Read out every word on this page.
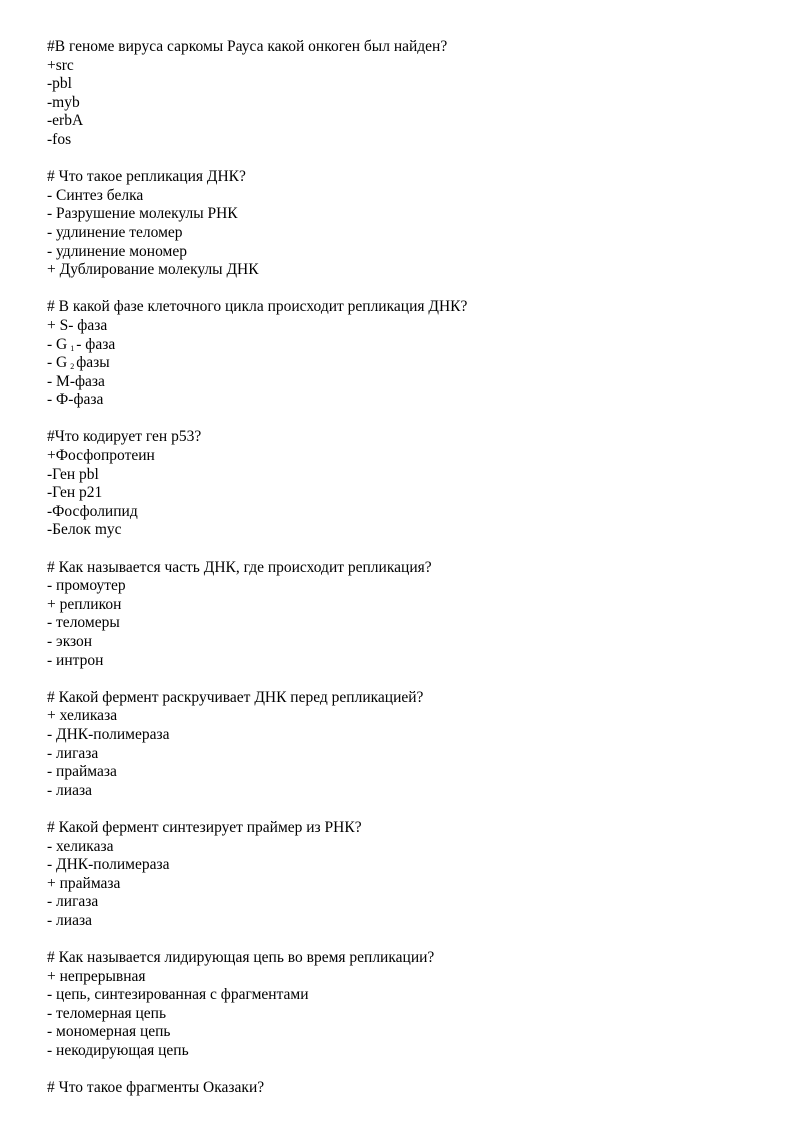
#В геноме вируса саркомы Рауса какой онкоген был найден?

+src

-pbl

-myb

-erbA

-fos

# Что такое репликация ДНК?

- Синтез белка

- Разрушение молекулы РНК

- удлинение теломер

- удлинение мономер

+ Дублирование молекулы ДНК

# В какой фазе клеточного цикла происходит репликация ДНК?

+ S- фаза

- G $_1$ - фаза

- G $_2$ фазы

- M-фаза

- Ф-фаза

#Что кодирует ген р53?

+Фосфопротеин

-Ген pbl

-Ген р21

-Фосфолипид

-Белок myc

# Как называется часть ДНК, где происходит репликация?

- промоутер

+ репликон

- теломеры

- экзон

- интрон

# Какой фермент раскручивает ДНК перед репликацией?

+ хеликаза

- ДНК-полимераза

- лигаза

- праймаза

- лиаза

# Какой фермент синтезирует праймер из РНК?

- хеликаза

- ДНК-полимераза

+ праймаза

- лигаза

- лиаза

# Как называется лидирующая цепь во время репликации?

+ непрерывная

- цепь, синтезированная с фрагментами

- теломерная цепь

- мономерная цепь

- некодирующая цепь

# Что такое фрагменты Оказаки?
